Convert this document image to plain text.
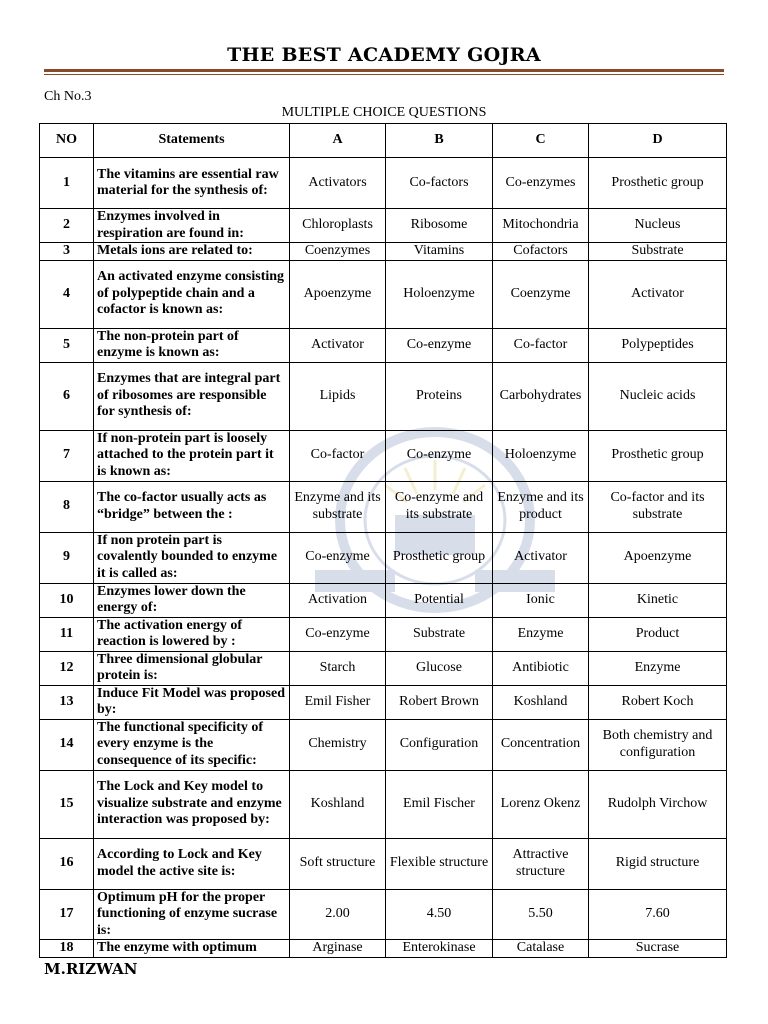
THE BEST ACADEMY GOJRA
Ch No.3
MULTIPLE CHOICE QUESTIONS
NO	Statements	A	B	C	D
1	The vitamins are essential raw material for the synthesis of:	Activators	Co-factors	Co-enzymes	Prosthetic group
2	Enzymes involved in respiration are found in:	Chloroplasts	Ribosome	Mitochondria	Nucleus
3	Metals ions are related to:	Coenzymes	Vitamins	Cofactors	Substrate
4	An activated enzyme consisting of polypeptide chain and a cofactor is known as:	Apoenzyme	Holoenzyme	Coenzyme	Activator
5	The non-protein part of enzyme is known as:	Activator	Co-enzyme	Co-factor	Polypeptides
6	Enzymes that are integral part of ribosomes are responsible for synthesis of:	Lipids	Proteins	Carbohydrates	Nucleic acids
7	If non-protein part is loosely attached to the protein part it is known as:	Co-factor	Co-enzyme	Holoenzyme	Prosthetic group
8	The co-factor usually acts as “bridge” between the :	Enzyme and its substrate	Co-enzyme and its substrate	Enzyme and its product	Co-factor and its substrate
9	If non protein part is covalently bounded to enzyme it is called as:	Co-enzyme	Prosthetic group	Activator	Apoenzyme
10	Enzymes lower down the energy of:	Activation	Potential	Ionic	Kinetic
11	The activation energy of reaction is lowered by :	Co-enzyme	Substrate	Enzyme	Product
12	Three dimensional globular protein is:	Starch	Glucose	Antibiotic	Enzyme
13	Induce Fit Model was proposed by:	Emil Fisher	Robert Brown	Koshland	Robert Koch
14	The functional specificity of every enzyme is the consequence of its specific:	Chemistry	Configuration	Concentration	Both chemistry and configuration
15	The Lock and Key model to visualize substrate and enzyme interaction was proposed by:	Koshland	Emil Fischer	Lorenz Okenz	Rudolph Virchow
16	According to Lock and Key model the active site is:	Soft structure	Flexible structure	Attractive structure	Rigid structure
17	Optimum pH for the proper functioning of enzyme sucrase is:	2.00	4.50	5.50	7.60
18	The enzyme with optimum	Arginase	Enterokinase	Catalase	Sucrase
M.RIZWAN
